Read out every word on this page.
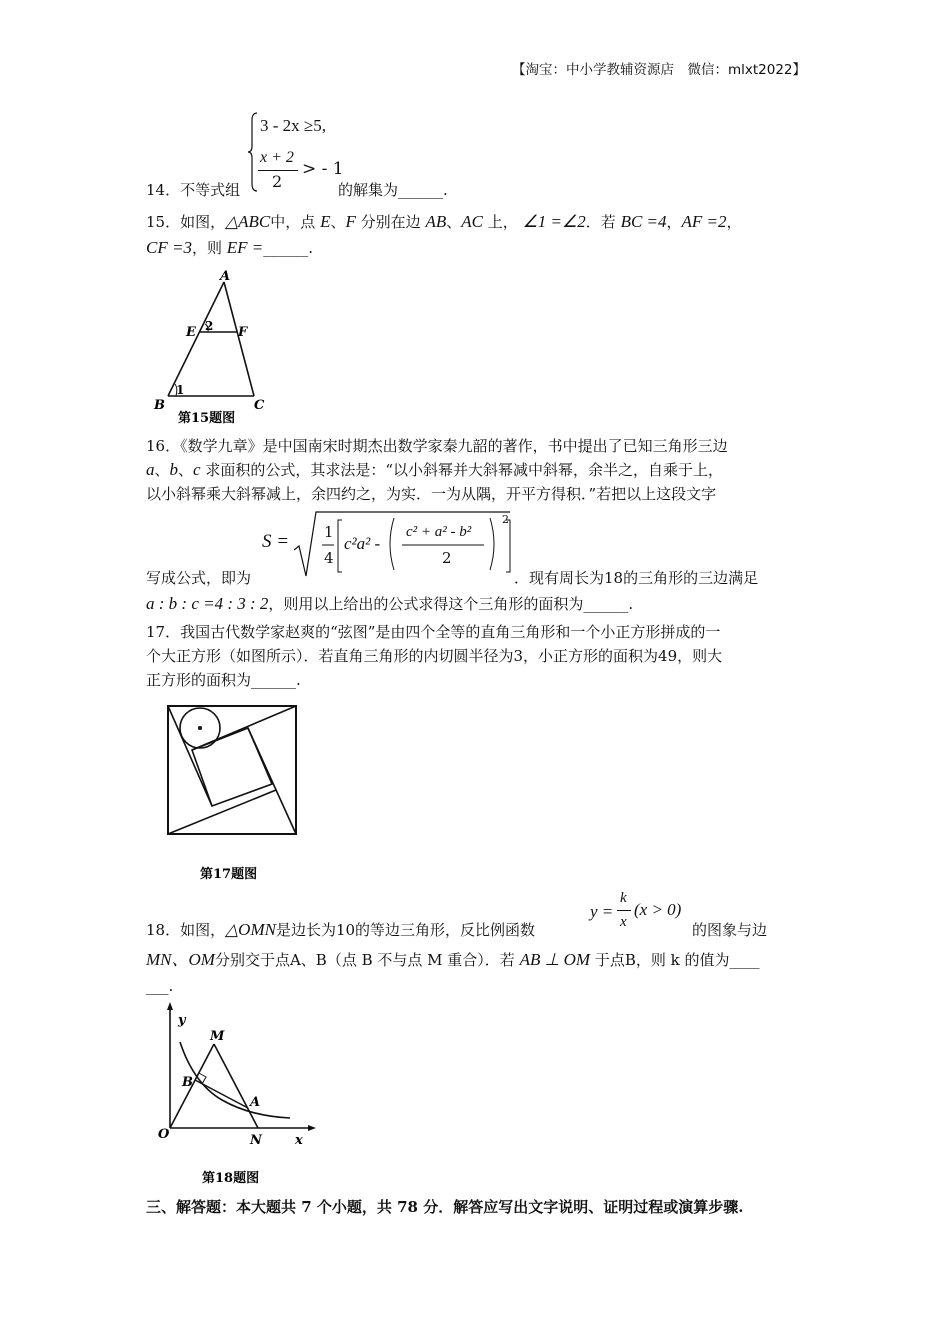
【淘宝：中小学教辅资源店　微信：mlxt2022】
14．不等式组
3 - 2x ≥5,
x + 2
2
> - 1
的解集为______.
15．如图，△ABC中，点 E、F 分别在边 AB、AC 上， ∠1 =∠2．若 BC =4，AF =2，
CF =3，则 EF =______.
A
E	F
2
1
B	C
第15题图
16．《数学九章》是中国南宋时期杰出数学家秦九韶的著作，书中提出了已知三角形三边
a、b、c 求面积的公式，其求法是：“以小斜幂并大斜幂减中斜幂，余半之，自乘于上，
以小斜幂乘大斜幂减上，余四约之，为实．一为从隅，开平方得积．”若把以上这段文字
S = 1
4
c²a² -
c² + a² - b²
2
2
写成公式，即为	．现有周长为18的三角形的三边满足
a : b : c =4 : 3 : 2，则用以上给出的公式求得这个三角形的面积为______.
17．我国古代数学家赵爽的“弦图”是由四个全等的直角三角形和一个小正方形拼成的一
个大正方形（如图所示）．若直角三角形的内切圆半径为3，小正方形的面积为49，则大
正方形的面积为______.
第17题图
18．如图，△OMN是边长为10的等边三角形，反比例函数
y =
k
x
(x > 0)
的图象与边
MN、OM分别交于点A、B（点 B 不与点 M 重合）．若 AB ⊥ OM 于点B，则 k 的值为____
___.
y
M
B
A
O	N	x
第18题图
三、解答题：本大题共 7 个小题，共 78 分．解答应写出文字说明、证明过程或演算步骤.
